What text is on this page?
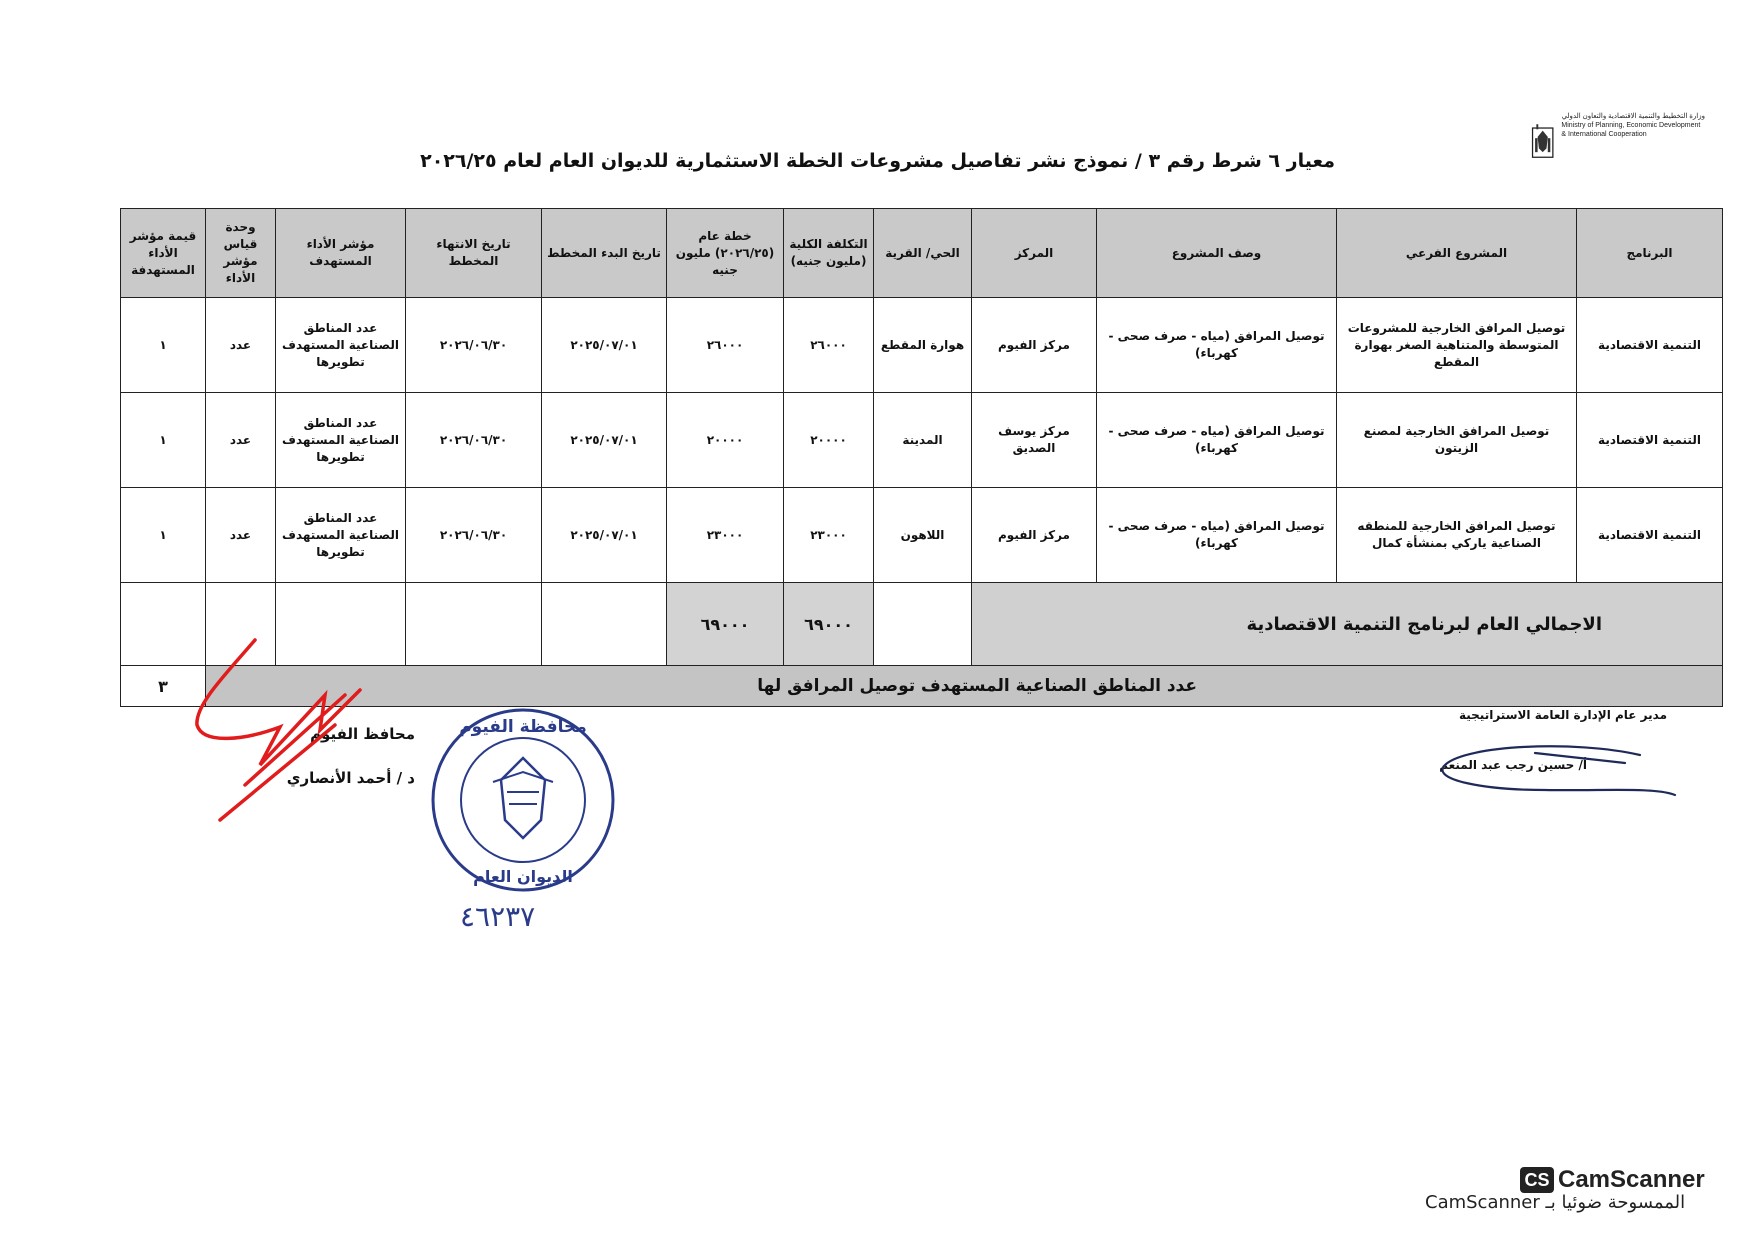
وزارة التخطيط والتنمية الاقتصادية والتعاون الدولي
Ministry of Planning, Economic Development & International Cooperation
معيار ٦ شرط رقم ٣ / نموذج نشر تفاصيل مشروعات الخطة الاستثمارية للديوان العام لعام ٢٠٢٦/٢٥
البرنامج	المشروع الفرعي	وصف المشروع	المركز	الحي/ القرية	التكلفة الكلية (مليون جنيه)	خطة عام (٢٠٢٦/٢٥) مليون جنيه	تاريخ البدء المخطط	تاريخ الانتهاء المخطط	مؤشر الأداء المستهدف	وحدة قياس مؤشر الأداء	قيمة مؤشر الأداء المستهدفة
التنمية الاقتصادية	توصيل المرافق الخارجية للمشروعات المتوسطة والمتناهية الصغر بهوارة المقطع	توصيل المرافق (مياه - صرف صحى - كهرباء)	مركز الفيوم	هوارة المقطع	٢٦٠٠٠	٢٦٠٠٠	٢٠٢٥/٠٧/٠١	٢٠٢٦/٠٦/٣٠	عدد المناطق الصناعية المستهدف تطويرها	عدد	١
التنمية الاقتصادية	توصيل المرافق الخارجية لمصنع الزيتون	توصيل المرافق (مياه - صرف صحى - كهرباء)	مركز يوسف الصديق	المدينة	٢٠٠٠٠	٢٠٠٠٠	٢٠٢٥/٠٧/٠١	٢٠٢٦/٠٦/٣٠	عدد المناطق الصناعية المستهدف تطويرها	عدد	١
التنمية الاقتصادية	توصيل المرافق الخارجية للمنطقه الصناعية ياركي بمنشأة كمال	توصيل المرافق (مياه - صرف صحى - كهرباء)	مركز الفيوم	اللاهون	٢٣٠٠٠	٢٣٠٠٠	٢٠٢٥/٠٧/٠١	٢٠٢٦/٠٦/٣٠	عدد المناطق الصناعية المستهدف تطويرها	عدد	١
الاجمالي العام لبرنامج التنمية الاقتصادية					٦٩٠٠٠	٦٩٠٠٠					
عدد المناطق الصناعية المستهدف توصيل المرافق لها											٣
محافظ الفيوم
د / أحمد الأنصاري
محافظة الفيوم
الديوان العام
٤٦٢٣٧
مدير عام الإدارة العامة الاستراتيجية
أ/ حسين رجب عبد المنعم
CS CamScanner
الممسوحة ضوئيا بـ CamScanner
